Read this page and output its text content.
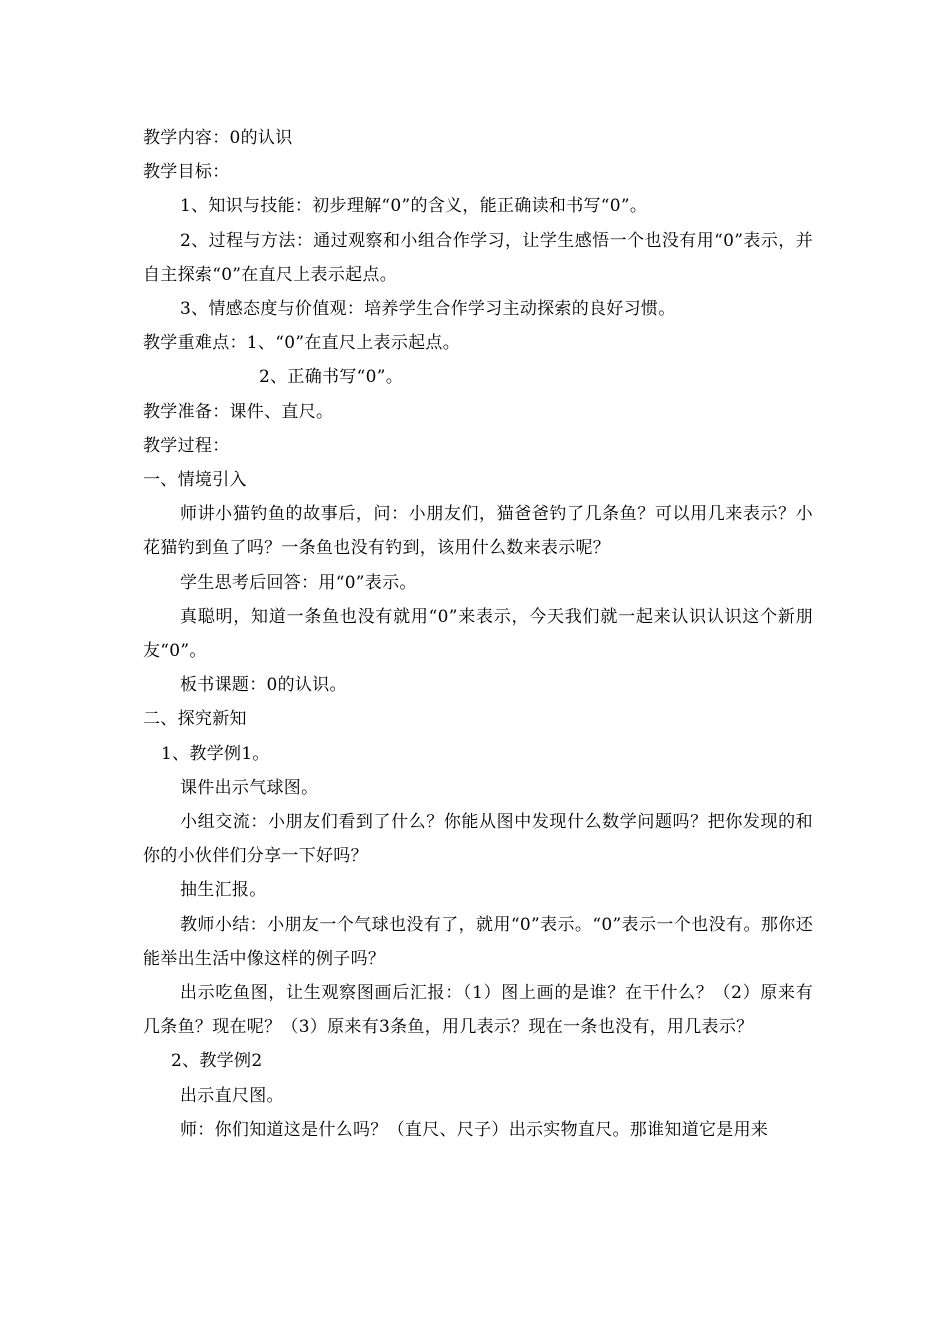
教学内容：0的认识

教学目标：

1、知识与技能：初步理解“0”的含义，能正确读和书写“0”。

2、过程与方法：通过观察和小组合作学习，让学生感悟一个也没有用“0”表示，并自主探索“0”在直尺上表示起点。

3、情感态度与价值观：培养学生合作学习主动探索的良好习惯。

教学重难点：1、“0”在直尺上表示起点。

2、正确书写“0”。

教学准备：课件、直尺。

教学过程：

一、情境引入

师讲小猫钓鱼的故事后，问：小朋友们，猫爸爸钓了几条鱼？可以用几来表示？小花猫钓到鱼了吗？一条鱼也没有钓到，该用什么数来表示呢？

学生思考后回答：用“0”表示。

真聪明，知道一条鱼也没有就用“0”来表示，今天我们就一起来认识认识这个新朋友“0”。

板书课题：0的认识。

二、探究新知

1、教学例1。

课件出示气球图。

小组交流：小朋友们看到了什么？你能从图中发现什么数学问题吗？把你发现的和你的小伙伴们分享一下好吗？

抽生汇报。

教师小结：小朋友一个气球也没有了，就用“0”表示。“0”表示一个也没有。那你还能举出生活中像这样的例子吗？

出示吃鱼图，让生观察图画后汇报：（1）图上画的是谁？在干什么？（2）原来有几条鱼？现在呢？（3）原来有3条鱼，用几表示？现在一条也没有，用几表示？

2、教学例2

出示直尺图。

师：你们知道这是什么吗？（直尺、尺子）出示实物直尺。那谁知道它是用来
